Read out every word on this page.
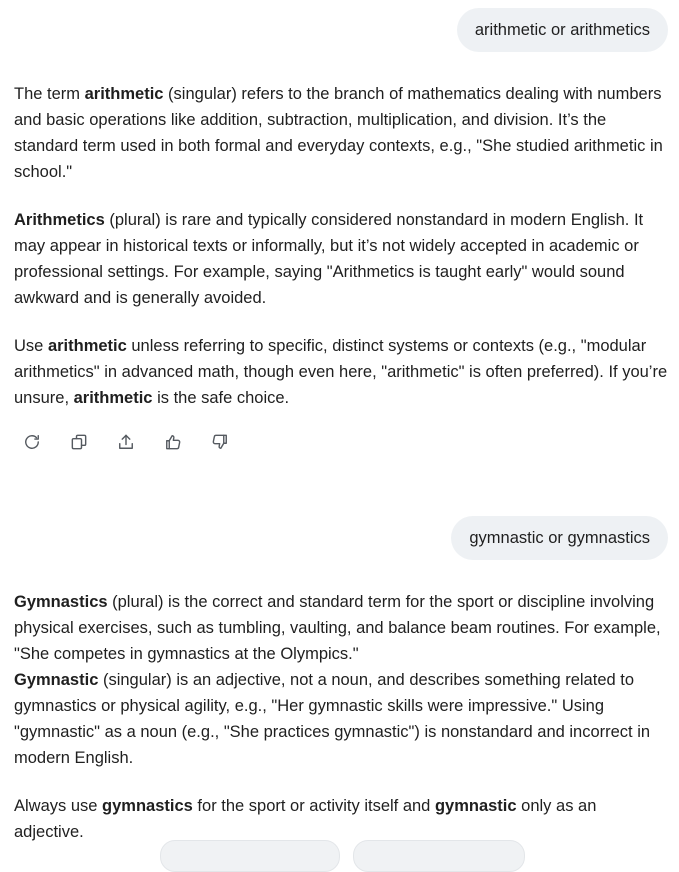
arithmetic or arithmetics

The term arithmetic (singular) refers to the branch of mathematics dealing with numbers and basic operations like addition, subtraction, multiplication, and division. It’s the standard term used in both formal and everyday contexts, e.g., "She studied arithmetic in school."

Arithmetics (plural) is rare and typically considered nonstandard in modern English. It may appear in historical texts or informally, but it’s not widely accepted in academic or professional settings. For example, saying "Arithmetics is taught early" would sound awkward and is generally avoided.

Use arithmetic unless referring to specific, distinct systems or contexts (e.g., "modular arithmetics" in advanced math, though even here, "arithmetic" is often preferred). If you’re unsure, arithmetic is the safe choice.

gymnastic or gymnastics

Gymnastics (plural) is the correct and standard term for the sport or discipline involving physical exercises, such as tumbling, vaulting, and balance beam routines. For example, "She competes in gymnastics at the Olympics."
Gymnastic (singular) is an adjective, not a noun, and describes something related to gymnastics or physical agility, e.g., "Her gymnastic skills were impressive." Using "gymnastic" as a noun (e.g., "She practices gymnastic") is nonstandard and incorrect in modern English.

Always use gymnastics for the sport or activity itself and gymnastic only as an adjective.
